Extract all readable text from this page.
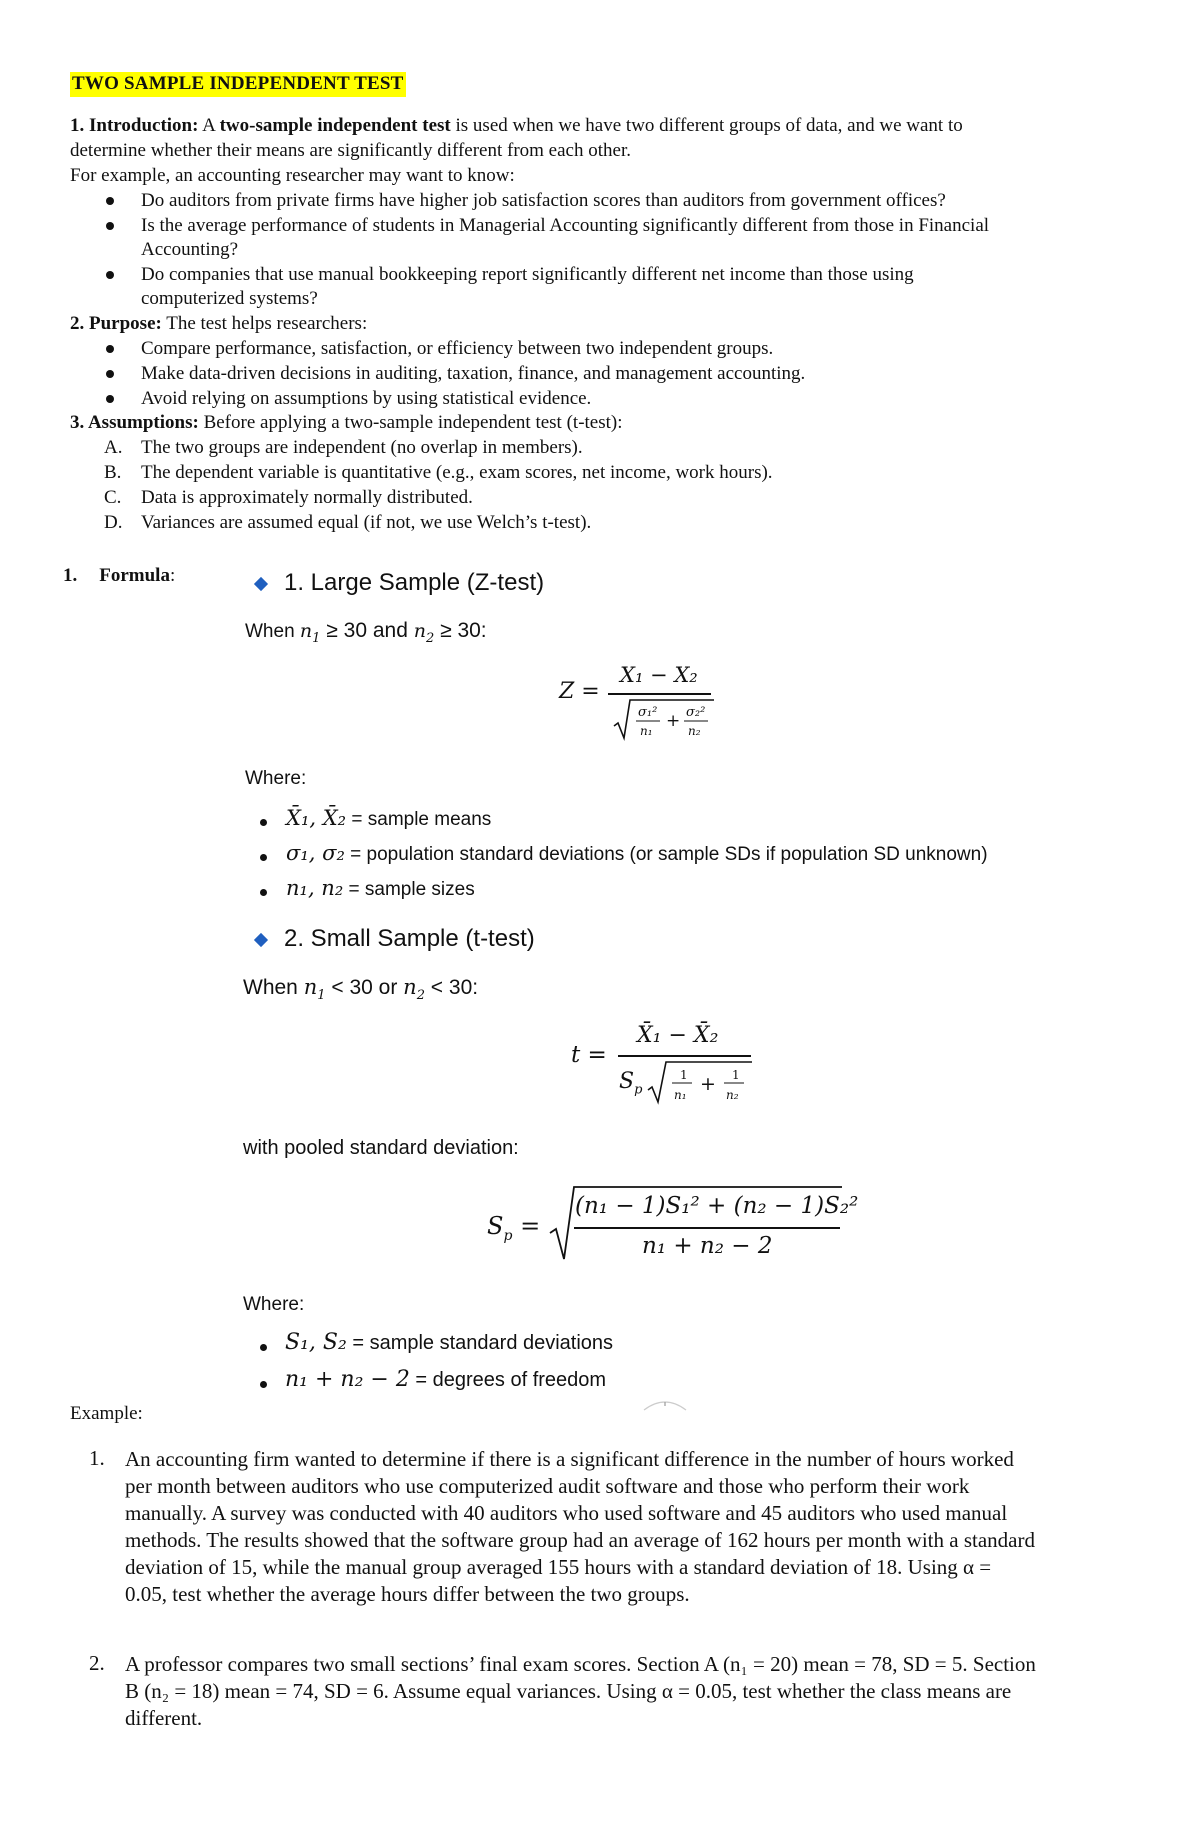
TWO SAMPLE INDEPENDENT TEST
1. Introduction: A two-sample independent test is used when we have two different groups of data, and we want to
determine whether their means are significantly different from each other.
For example, an accounting researcher may want to know:
Do auditors from private firms have higher job satisfaction scores than auditors from government offices?
Is the average performance of students in Managerial Accounting significantly different from those in Financial
Accounting?
Do companies that use manual bookkeeping report significantly different net income than those using
computerized systems?
2. Purpose: The test helps researchers:
Compare performance, satisfaction, or efficiency between two independent groups.
Make data-driven decisions in auditing, taxation, finance, and management accounting.
Avoid relying on assumptions by using statistical evidence.
3. Assumptions: Before applying a two-sample independent test (t-test):
A. The two groups are independent (no overlap in members).
B. The dependent variable is quantitative (e.g., exam scores, net income, work hours).
C. Data is approximately normally distributed.
D. Variances are assumed equal (if not, we use Welch’s t-test).
1. Formula:	1. Large Sample (Z-test)
When $n_1 \ge 30$ and $n_2 \ge 30$:
Z =
X₁ − X₂
σ₁²
n₁ + σ₂²
n₂
Where:
X̄₁, X̄₂ = sample means
σ₁, σ₂ = population standard deviations (or sample SDs if population SD unknown)
n₁, n₂ = sample sizes
2. Small Sample (t-test)
When $n_1 < 30$ or $n_2 < 30$:
t =
X̄₁ − X̄₂
$S_p$
1
n₁ + 1
n₂
with pooled standard deviation:
$S_p$ =
(n₁ − 1)S₁² + (n₂ − 1)S₂²
n₁ + n₂ − 2
Where:
S₁, S₂ = sample standard deviations
n₁ + n₂ − 2 = degrees of freedom
Example:
1. An accounting firm wanted to determine if there is a significant difference in the number of hours worked
per month between auditors who use computerized audit software and those who perform their work
manually. A survey was conducted with 40 auditors who used software and 45 auditors who used manual
methods. The results showed that the software group had an average of 162 hours per month with a standard
deviation of 15, while the manual group averaged 155 hours with a standard deviation of 18. Using α =
0.05, test whether the average hours differ between the two groups.
2. A professor compares two small sections’ final exam scores. Section A (n₁ = 20) mean = 78, SD = 5. Section
B (n₂ = 18) mean = 74, SD = 6. Assume equal variances. Using α = 0.05, test whether the class means are
different.
